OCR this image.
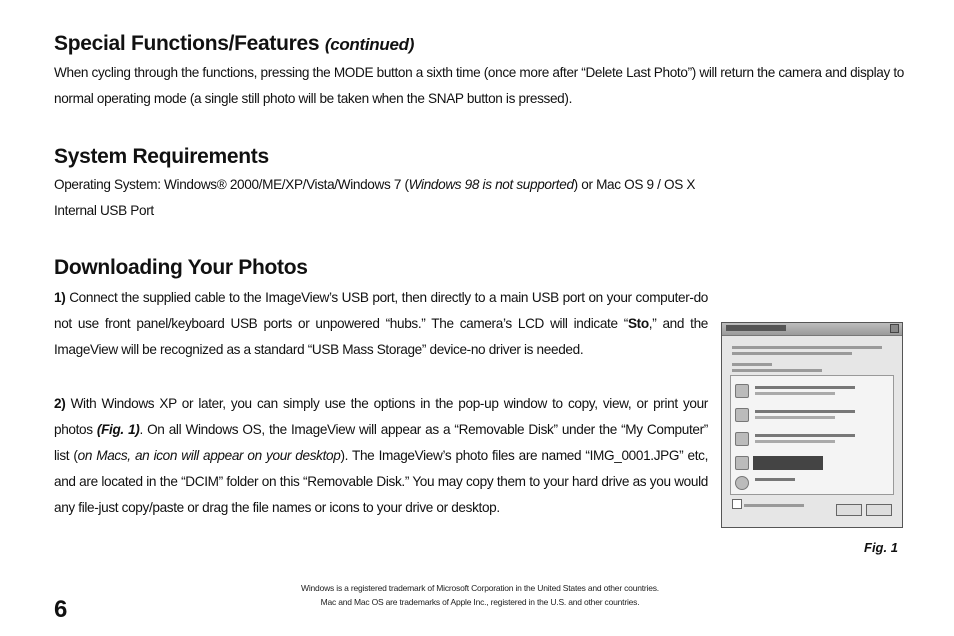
Special Functions/Features (continued)

When cycling through the functions, pressing the MODE button a sixth time (once more after “Delete Last Photo”) will return the camera and display to normal operating mode (a single still photo will be taken when the SNAP button is pressed).

System Requirements

Operating System: Windows® 2000/ME/XP/Vista/Windows 7 (Windows 98 is not supported) or Mac OS 9 / OS X

Internal USB Port

Downloading Your Photos

1) Connect the supplied cable to the ImageView’s USB port, then directly to a main USB port on your computer-do not use front panel/keyboard USB ports or unpowered “hubs.” The camera’s LCD will indicate “Sto,” and the ImageView will be recognized as a standard “USB Mass Storage” device-no driver is needed.

2) With Windows XP or later, you can simply use the options in the pop-up window to copy, view, or print your photos (Fig. 1). On all Windows OS, the ImageView will appear as a “Removable Disk” under the “My Computer” list (on Macs, an icon will appear on your desktop). The ImageView’s photo files are named “IMG_0001.JPG” etc, and are located in the “DCIM” folder on this “Removable Disk.” You may copy them to your hard drive as you would any file-just copy/paste or drag the file names or icons to your drive or desktop.

Fig. 1
Windows is a registered trademark of Microsoft Corporation in the United States and other countries.
Mac and Mac OS are trademarks of Apple Inc., registered in the U.S. and other countries.
6
